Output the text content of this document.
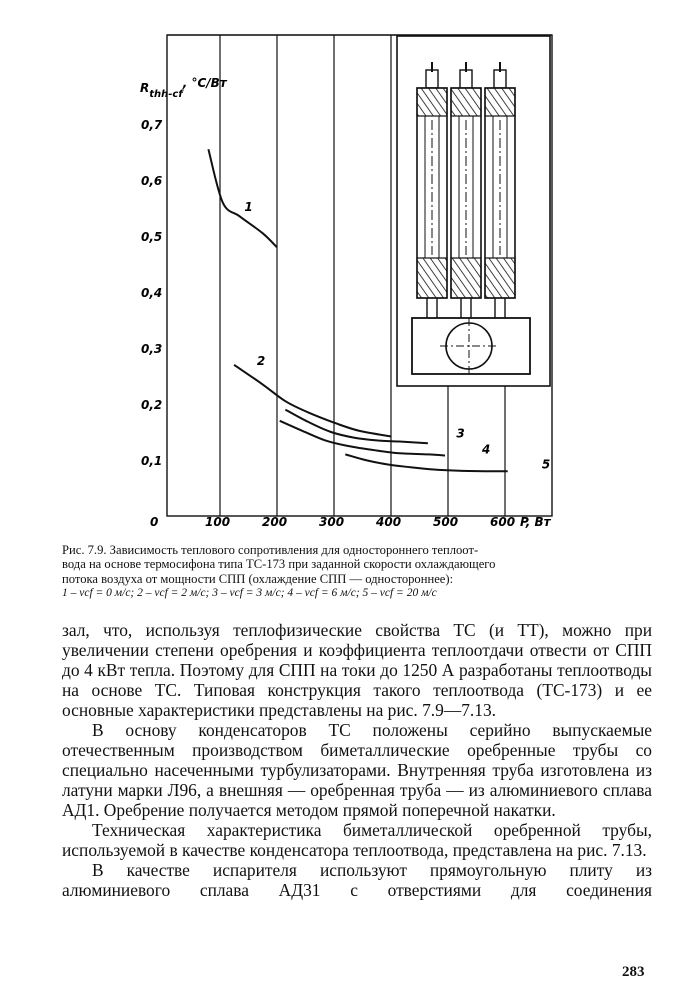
$R_{thh-cf}$, °C/Вт
0,1
0,2
0,3
0,4
0,5
0,6
0,7
0	100	200	300	400	500	600 P, Вт
1
2
3
4
5
Рис. 7.9. Зависимость теплового сопротивления для одностороннего теплоот-
вода на основе термосифона типа ТС-173 при заданной скорости охлаждающего
потока воздуха от мощности СПП (охлаждение СПП — одностороннее):
1 – vcf = 0 м/с; 2 – vcf = 2 м/с; 3 – vcf = 3 м/с; 4 – vcf = 6 м/с; 5 – vcf = 20 м/с

зал, что, используя теплофизические свойства ТС (и ТТ), можно при увеличении степени оребрения и коэффициента теплоотдачи отвести от СПП до 4 кВт тепла. Поэтому для СПП на токи до 1250 А разработаны теплоотводы на основе ТС. Типовая конструкция такого теплоотвода (ТС-173) и ее основные характеристики представлены на рис. 7.9—7.13.

В основу конденсаторов ТС положены серийно выпускаемые отечественным производством биметаллические оребренные трубы со специально насеченными турбулизаторами. Внутренняя труба изготовлена из латуни марки Л96, а внешняя — оребренная труба — из алюминиевого сплава АД1. Оребрение получается методом прямой поперечной накатки.

Техническая характеристика биметаллической оребренной трубы, используемой в качестве конденсатора теплоотвода, представлена на рис. 7.13.

В качестве испарителя используют прямоугольную плиту из алюминиевого сплава АД31 с отверстиями для соединения

283
